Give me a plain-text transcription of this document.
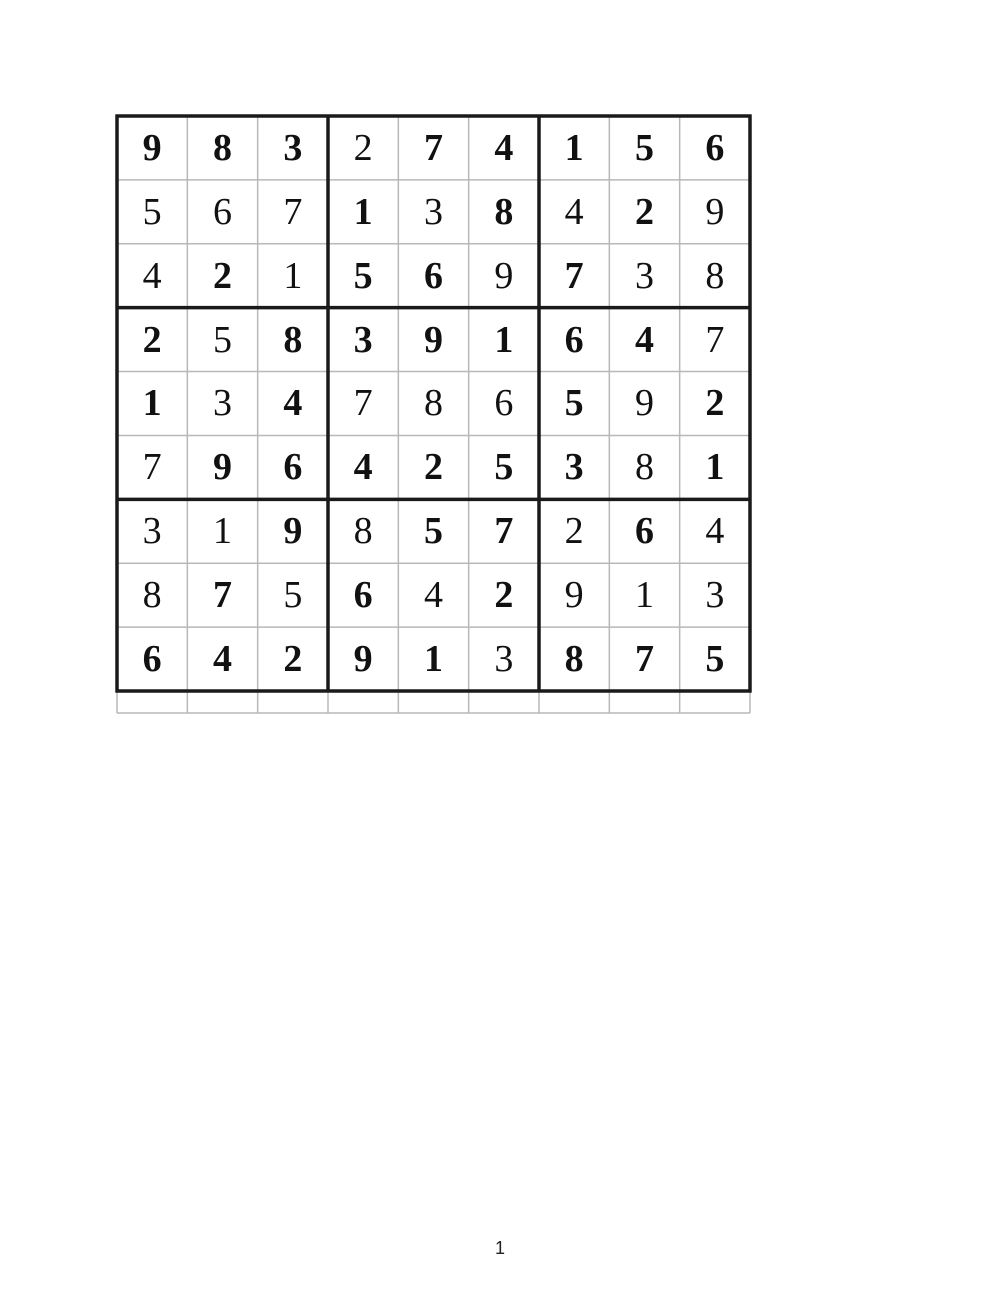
9	8	3	2	7	4	1	5	6
5	6	7	1	3	8	4	2	9
4	2	1	5	6	9	7	3	8
2	5	8	3	9	1	6	4	7
1	3	4	7	8	6	5	9	2
7	9	6	4	2	5	3	8	1
3	1	9	8	5	7	2	6	4
8	7	5	6	4	2	9	1	3
6	4	2	9	1	3	8	7	5
1
